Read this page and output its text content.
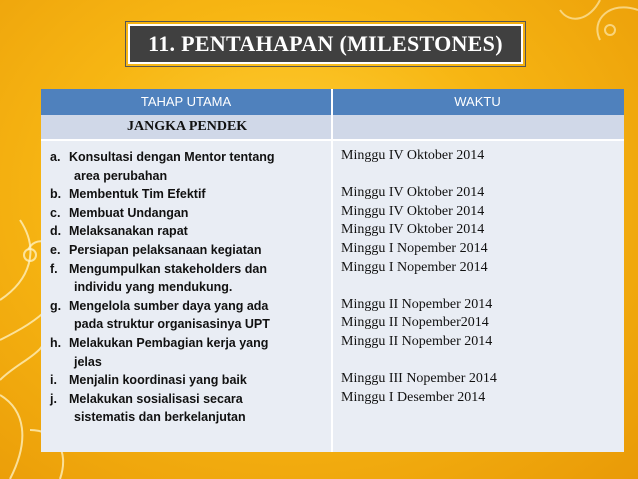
11. PENTAHAPAN (MILESTONES)
TAHAP UTAMA	WAKTU
JANGKA PENDEK
a. Konsultasi dengan Mentor tentang
area perubahan
b. Membentuk Tim Efektif
c. Membuat Undangan
d. Melaksanakan rapat
e. Persiapan pelaksanaan kegiatan
f. Mengumpulkan stakeholders dan
individu yang mendukung.
g. Mengelola sumber daya yang ada
pada struktur organisasinya UPT
h. Melakukan Pembagian kerja yang
jelas
i. Menjalin koordinasi yang baik
j. Melakukan sosialisasi secara
sistematis dan berkelanjutan
Minggu IV Oktober 2014
Minggu IV Oktober 2014
Minggu IV Oktober 2014
Minggu IV Oktober 2014
Minggu I Nopember 2014
Minggu I Nopember 2014
Minggu II Nopember 2014
Minggu II Nopember2014
Minggu II Nopember 2014
Minggu III Nopember 2014
Minggu I Desember 2014
